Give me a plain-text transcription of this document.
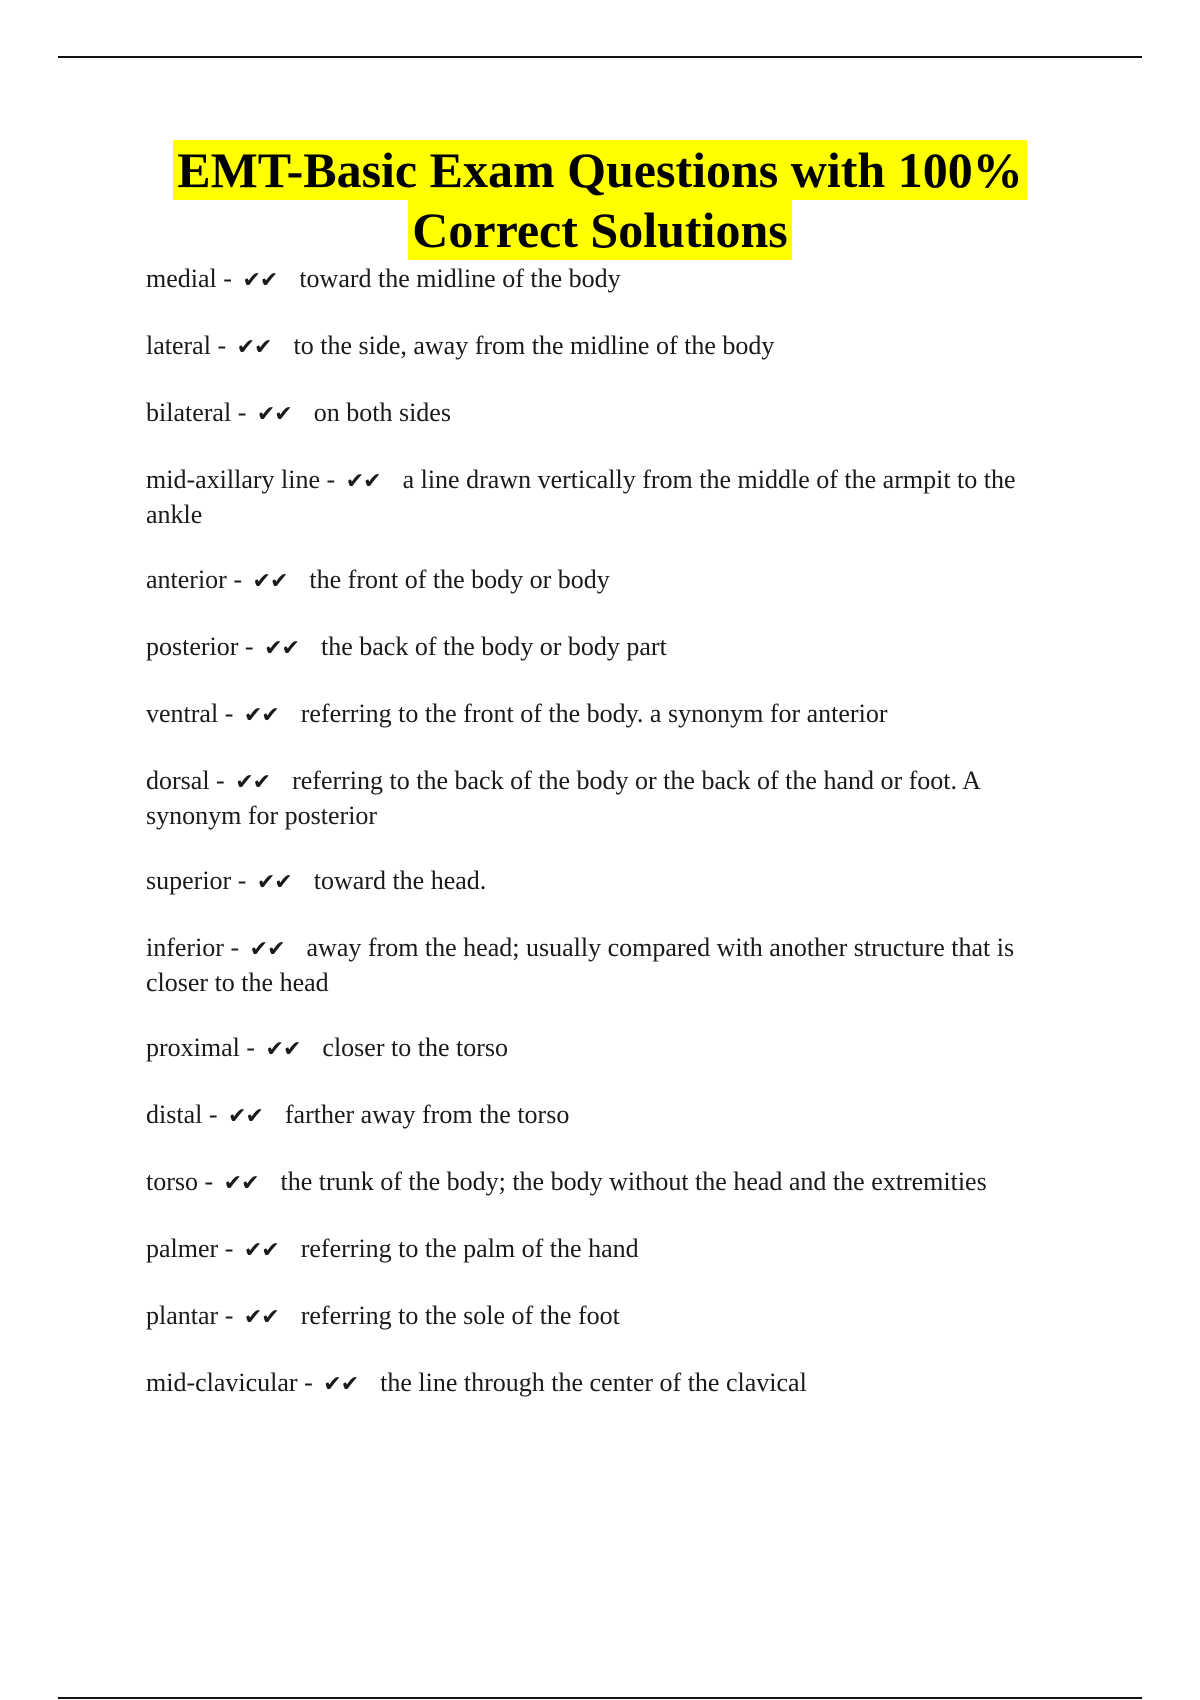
EMT-Basic Exam Questions with 100%
Correct Solutions
medial - ✔✔ toward the midline of the body
lateral - ✔✔ to the side, away from the midline of the body
bilateral - ✔✔ on both sides
mid-axillary line - ✔✔ a line drawn vertically from the middle of the armpit to the ankle
anterior - ✔✔ the front of the body or body
posterior - ✔✔ the back of the body or body part
ventral - ✔✔ referring to the front of the body. a synonym for anterior
dorsal - ✔✔ referring to the back of the body or the back of the hand or foot. A synonym for posterior
superior - ✔✔ toward the head.
inferior - ✔✔ away from the head; usually compared with another structure that is closer to the head
proximal - ✔✔ closer to the torso
distal - ✔✔ farther away from the torso
torso - ✔✔ the trunk of the body; the body without the head and the extremities
palmer - ✔✔ referring to the palm of the hand
plantar - ✔✔ referring to the sole of the foot
mid-clavicular - ✔✔ the line through the center of the clavical
